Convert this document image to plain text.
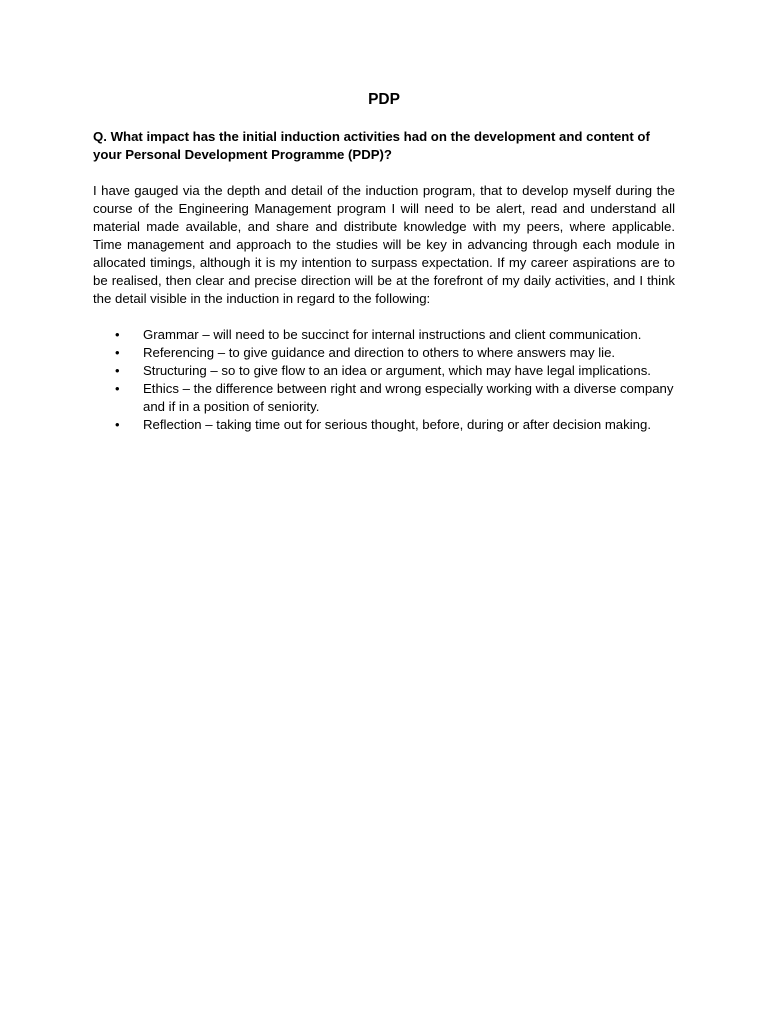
PDP

Q. What impact has the initial induction activities had on the development and content of your Personal Development Programme (PDP)?

I have gauged via the depth and detail of the induction program, that to develop myself during the course of the Engineering Management program I will need to be alert, read and understand all material made available, and share and distribute knowledge with my peers, where applicable. Time management and approach to the studies will be key in advancing through each module in allocated timings, although it is my intention to surpass expectation. If my career aspirations are to be realised, then clear and precise direction will be at the forefront of my daily activities, and I think the detail visible in the induction in regard to the following:

• Grammar – will need to be succinct for internal instructions and client communication.
• Referencing – to give guidance and direction to others to where answers may lie.
• Structuring – so to give flow to an idea or argument, which may have legal implications.
• Ethics – the difference between right and wrong especially working with a diverse company and if in a position of seniority.
• Reflection – taking time out for serious thought, before, during or after decision making.
